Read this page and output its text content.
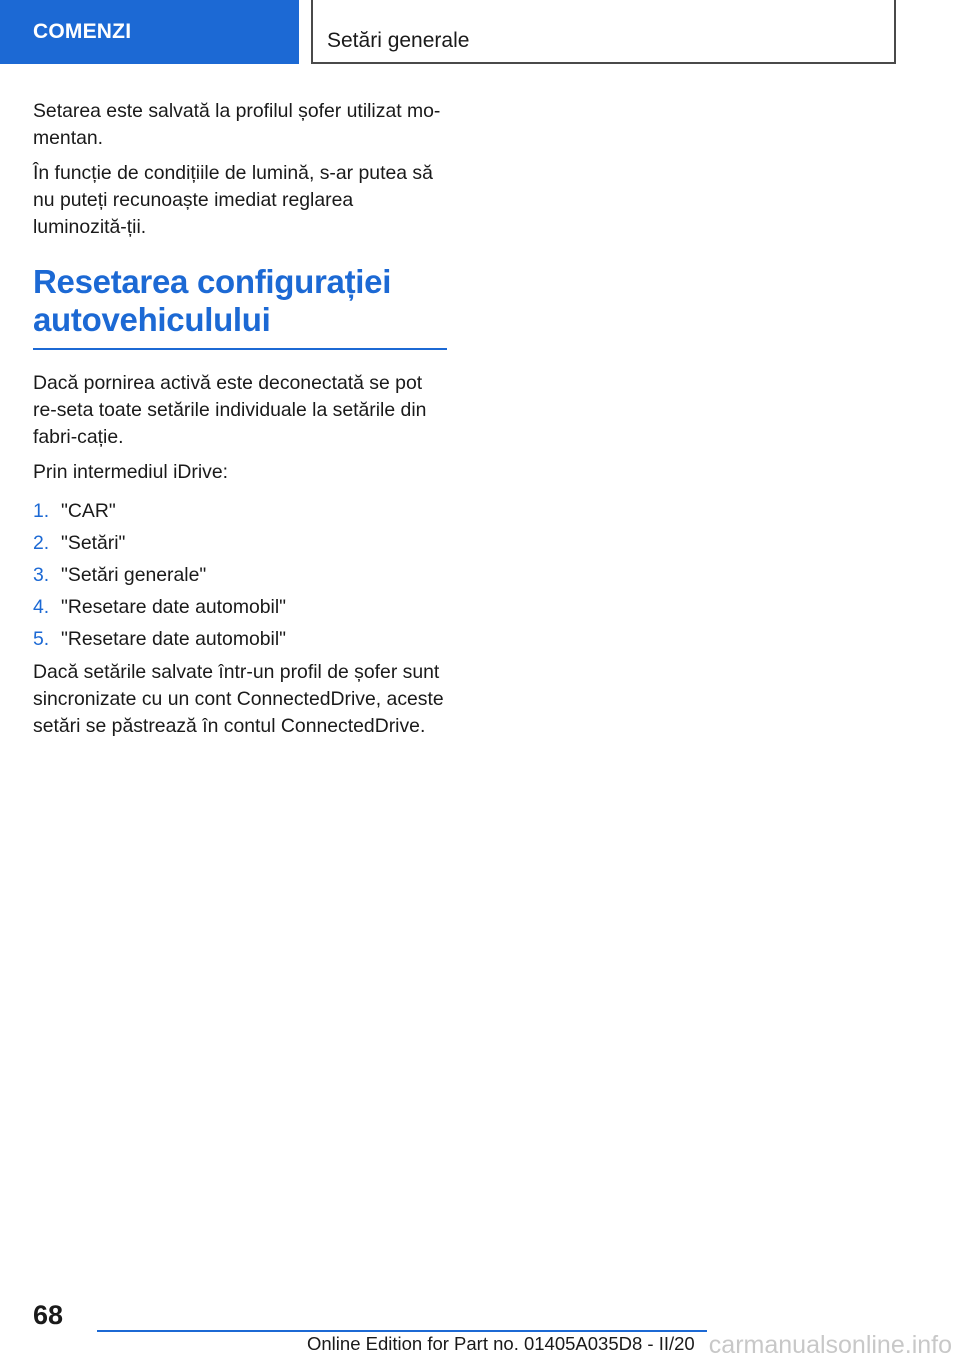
COMENZI	Setări generale

Setarea este salvată la profilul șofer utilizat mo-mentan.

În funcție de condițiile de lumină, s-ar putea să nu puteți recunoaște imediat reglarea luminozită-ții.

Resetarea configurației autovehiculului

Dacă pornirea activă este deconectată se pot re-seta toate setările individuale la setările din fabri-cație.

Prin intermediul iDrive:

1. "CAR"
2. "Setări"
3. "Setări generale"
4. "Resetare date automobil"
5. "Resetare date automobil"

Dacă setările salvate într-un profil de șofer sunt sincronizate cu un cont ConnectedDrive, aceste setări se păstrează în contul ConnectedDrive.

68
Online Edition for Part no. 01405A035D8 - II/20 carmanualsonline.info
